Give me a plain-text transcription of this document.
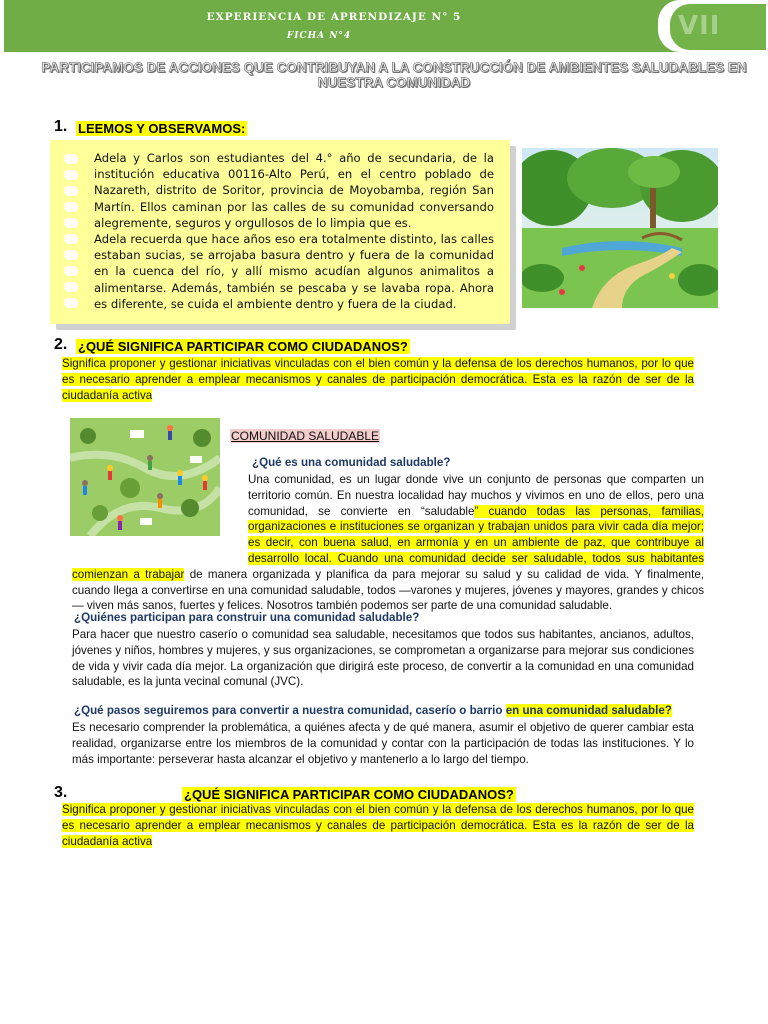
EXPERIENCIA DE APRENDIZAJE N° 5
FICHA N°4	VII
PARTICIPAMOS DE ACCIONES QUE CONTRIBUYAN A LA CONSTRUCCIÓN DE AMBIENTES SALUDABLES EN NUESTRA COMUNIDAD
1. LEEMOS Y OBSERVAMOS:
Adela y Carlos son estudiantes del 4.° año de secundaria, de la institución educativa 00116-Alto Perú, en el centro poblado de Nazareth, distrito de Soritor, provincia de Moyobamba, región San Martín. Ellos caminan por las calles de su comunidad conversando alegremente, seguros y orgullosos de lo limpia que es.
Adela recuerda que hace años eso era totalmente distinto, las calles estaban sucias, se arrojaba basura dentro y fuera de la comunidad en la cuenca del río, y allí mismo acudían algunos animalitos a alimentarse. Además, también se pescaba y se lavaba ropa. Ahora es diferente, se cuida el ambiente dentro y fuera de la ciudad.
2. ¿QUÉ SIGNIFICA PARTICIPAR COMO CIUDADANOS?
Significa proponer y gestionar iniciativas vinculadas con el bien común y la defensa de los derechos humanos, por lo que es necesario aprender a emplear mecanismos y canales de participación democrática. Esta es la razón de ser de la ciudadanía activa
COMUNIDAD SALUDABLE
¿Qué es una comunidad saludable?
Una comunidad, es un lugar donde vive un conjunto de personas que comparten un territorio común. En nuestra localidad hay muchos y vivimos en uno de ellos, pero una comunidad, se convierte en “saludable” cuando todas las personas, familias, organizaciones e instituciones se organizan y trabajan unidos para vivir cada día mejor; es decir, con buena salud, en armonía y en un ambiente de paz, que contribuye al desarrollo local. Cuando una comunidad decide ser saludable, todos sus habitantes comienzan a trabajar de manera organizada y planifica da para mejorar su salud y su calidad de vida. Y finalmente, cuando llega a convertirse en una comunidad saludable, todos —varones y mujeres, jóvenes y mayores, grandes y chicos— viven más sanos, fuertes y felices. Nosotros también podemos ser parte de una comunidad saludable.
¿Quiénes participan para construir una comunidad saludable?
Para hacer que nuestro caserío o comunidad sea saludable, necesitamos que todos sus habitantes, ancianos, adultos, jóvenes y niños, hombres y mujeres, y sus organizaciones, se comprometan a organizarse para mejorar sus condiciones de vida y vivir cada día mejor. La organización que dirigirá este proceso, de convertir a la comunidad en una comunidad saludable, es la junta vecinal comunal (JVC).
¿Qué pasos seguiremos para convertir a nuestra comunidad, caserío o barrio en una comunidad saludable?
Es necesario comprender la problemática, a quiénes afecta y de qué manera, asumir el objetivo de querer cambiar esta realidad, organizarse entre los miembros de la comunidad y contar con la participación de todas las instituciones. Y lo más importante: perseverar hasta alcanzar el objetivo y mantenerlo a lo largo del tiempo.
3.	¿QUÉ SIGNIFICA PARTICIPAR COMO CIUDADANOS?
Significa proponer y gestionar iniciativas vinculadas con el bien común y la defensa de los derechos humanos, por lo que es necesario aprender a emplear mecanismos y canales de participación democrática. Esta es la razón de ser de la ciudadanía activa
